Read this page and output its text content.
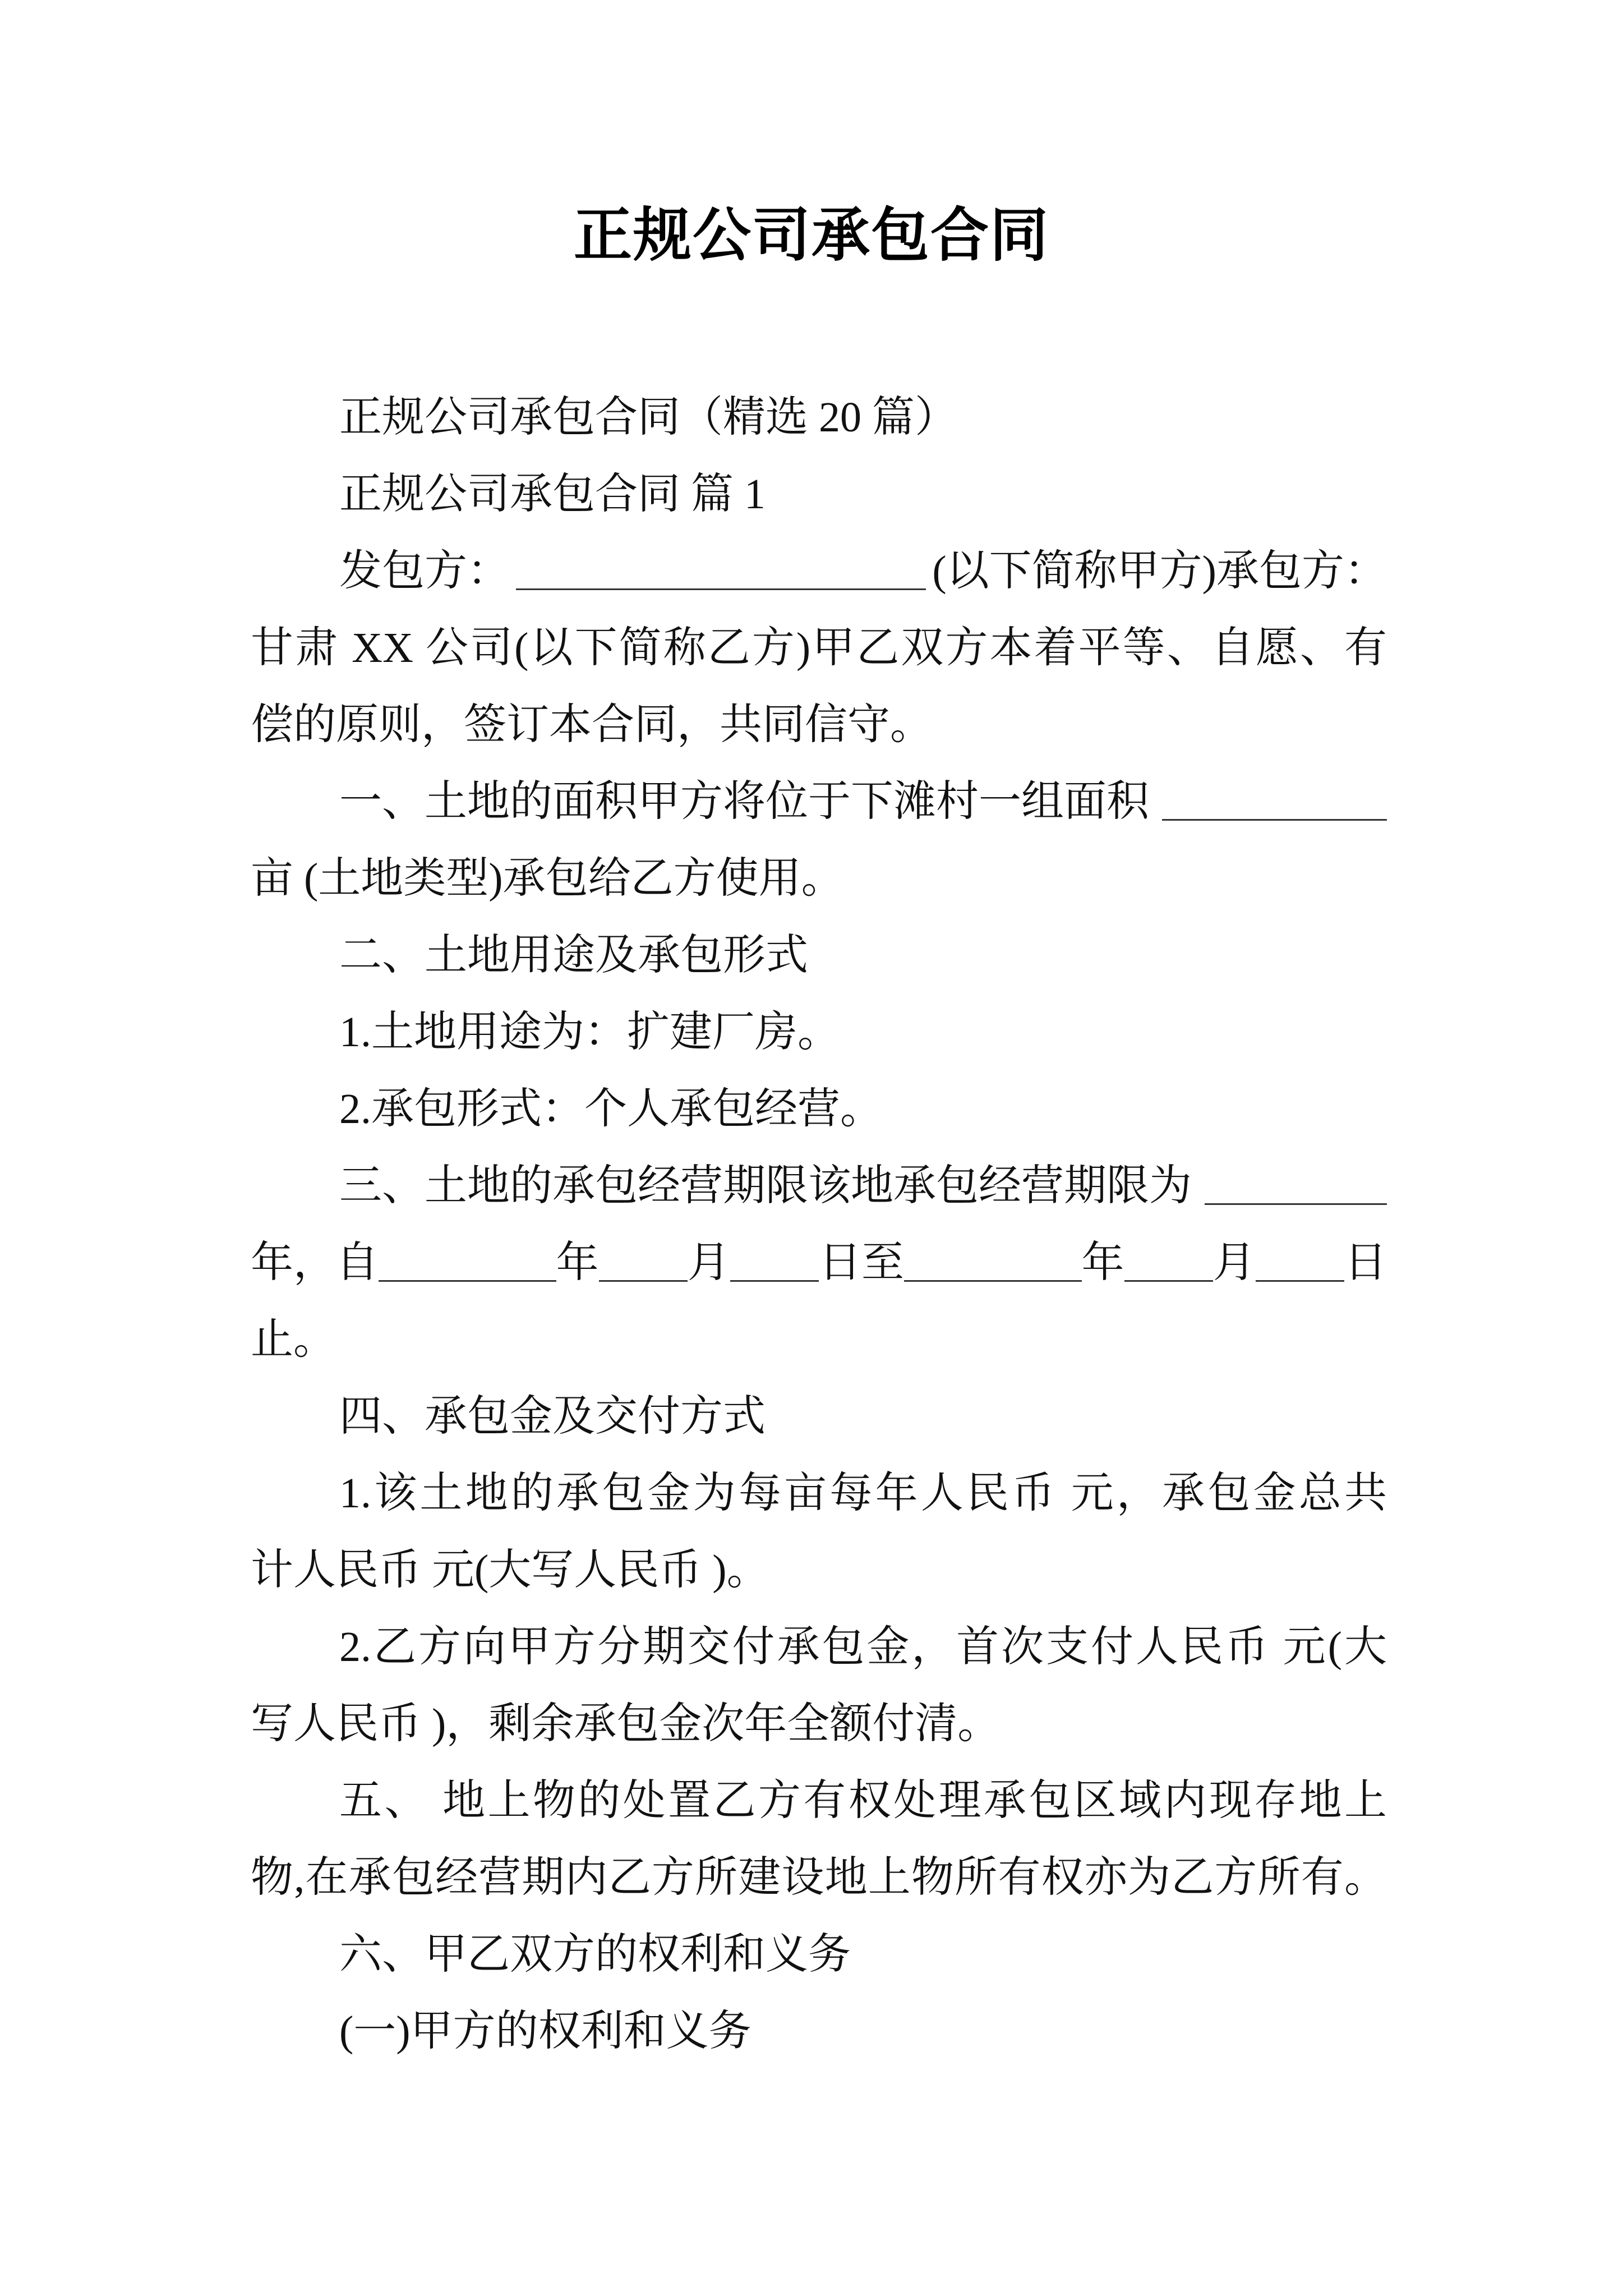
正规公司承包合同
正规公司承包合同（精选 20 篇）
正规公司承包合同 篇 1
发包方：	(以下简称甲方)承包方：
甘肃 XX 公司(以下简称乙方)甲乙双方本着平等、自愿、有
偿的原则，签订本合同，共同信守。
一、土地的面积甲方将位于下滩村一组面积
亩 (土地类型)承包给乙方使用。
二、土地用途及承包形式
1.土地用途为：扩建厂房。
2.承包形式：个人承包经营。
三、土地的承包经营期限该地承包经营期限为
年，自	年 月 日至	年 月 日
止。
四、承包金及交付方式
1.该土地的承包金为每亩每年人民币 元，承包金总共
计人民币 元(大写人民币 )。
2.乙方向甲方分期交付承包金，首次支付人民币 元(大
写人民币 )，剩余承包金次年全额付清。
五、 地上物的处置乙方有权处理承包区域内现存地上
物,在承包经营期内乙方所建设地上物所有权亦为乙方所有。
六、甲乙双方的权利和义务
(一)甲方的权利和义务
